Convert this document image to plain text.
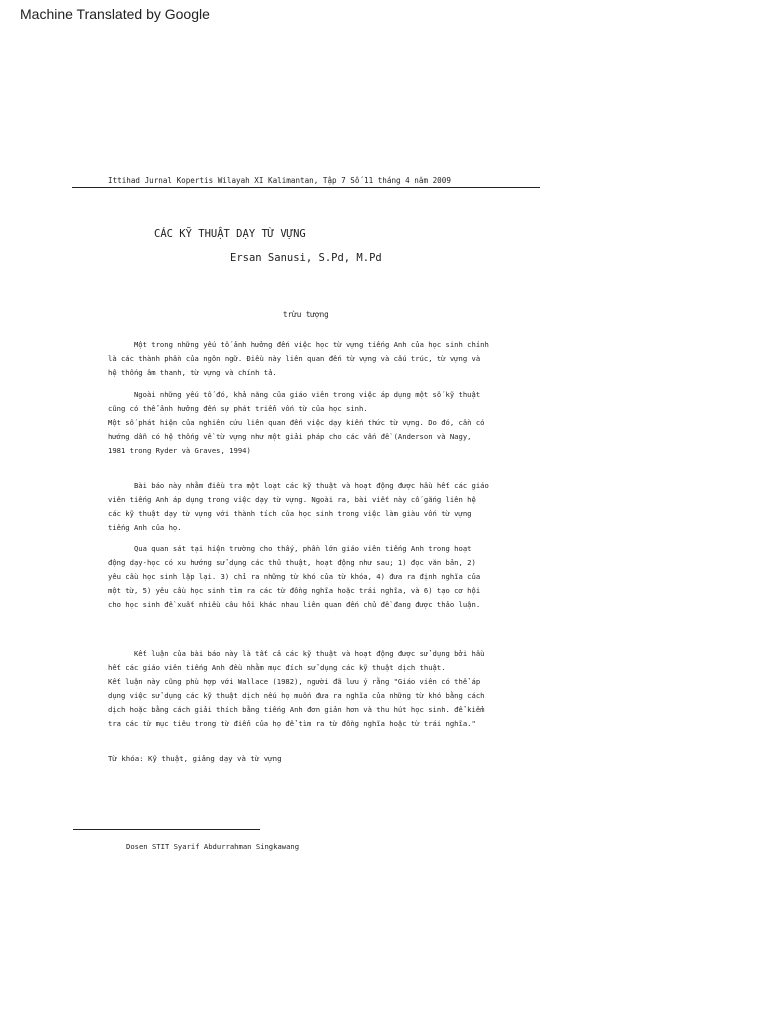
Machine Translated by Google
Ittihad Jurnal Kopertis Wilayah XI Kalimantan, Tập 7 Số 11 tháng 4 năm 2009
CÁC KỸ THUẬT DẠY TỪ VỰNG
Ersan Sanusi, S.Pd, M.Pd
trừu tượng

Một trong những yếu tố ảnh hưởng đến việc học từ vựng tiếng Anh của học sinh chính
là các thành phần của ngôn ngữ. Điều này liên quan đến từ vựng và cấu trúc, từ vựng và
hệ thống âm thanh, từ vựng và chính tả.

Ngoài những yếu tố đó, khả năng của giáo viên trong việc áp dụng một số kỹ thuật
cũng có thể ảnh hưởng đến sự phát triển vốn từ của học sinh.
Một số phát hiện của nghiên cứu liên quan đến việc dạy kiến thức từ vựng. Do đó, cần có
hướng dẫn có hệ thống về từ vựng như một giải pháp cho các vấn đề (Anderson và Nagy,
1981 trong Ryder và Graves, 1994)

Bài báo này nhằm điều tra một loạt các kỹ thuật và hoạt động được hầu hết các giáo
viên tiếng Anh áp dụng trong việc dạy từ vựng. Ngoài ra, bài viết này cố gắng liên hệ
các kỹ thuật dạy từ vựng với thành tích của học sinh trong việc làm giàu vốn từ vựng
tiếng Anh của họ.

Qua quan sát tại hiện trường cho thấy, phần lớn giáo viên tiếng Anh trong hoạt
động dạy-học có xu hướng sử dụng các thủ thuật, hoạt động như sau; 1) đọc văn bản, 2)
yêu cầu học sinh lặp lại. 3) chỉ ra những từ khó của từ khóa, 4) đưa ra định nghĩa của
một từ, 5) yêu cầu học sinh tìm ra các từ đồng nghĩa hoặc trái nghĩa, và 6) tạo cơ hội
cho học sinh đề xuất nhiều câu hỏi khác nhau liên quan đến chủ đề đang được thảo luận.

Kết luận của bài báo này là tất cả các kỹ thuật và hoạt động được sử dụng bởi hầu
hết các giáo viên tiếng Anh đều nhằm mục đích sử dụng các kỹ thuật dịch thuật.
Kết luận này cũng phù hợp với Wallace (1982), người đã lưu ý rằng "Giáo viên có thể áp
dụng việc sử dụng các kỹ thuật dịch nếu họ muốn đưa ra nghĩa của những từ khó bằng cách
dịch hoặc bằng cách giải thích bằng tiếng Anh đơn giản hơn và thu hút học sinh. để kiểm
tra các từ mục tiêu trong từ điển của họ để tìm ra từ đồng nghĩa hoặc từ trái nghĩa."

Từ khóa: Kỹ thuật, giảng dạy và từ vựng
Dosen STIT Syarif Abdurrahman Singkawang
